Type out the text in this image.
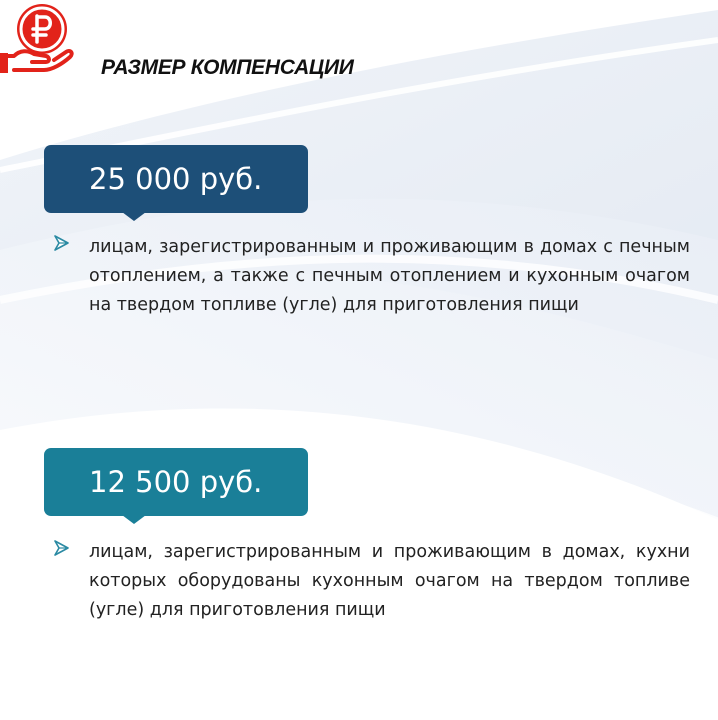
РАЗМЕР КОМПЕНСАЦИИ
25 000 руб.
лицам, зарегистрированным и проживающим в домах с печным отоплением, а также с печным отоплением и кухонным очагом на твердом топливе (угле) для приготовления пищи
12 500 руб.
лицам, зарегистрированным и проживающим в домах, кухни которых оборудованы кухонным очагом на твердом топливе (угле) для приготовления пищи
